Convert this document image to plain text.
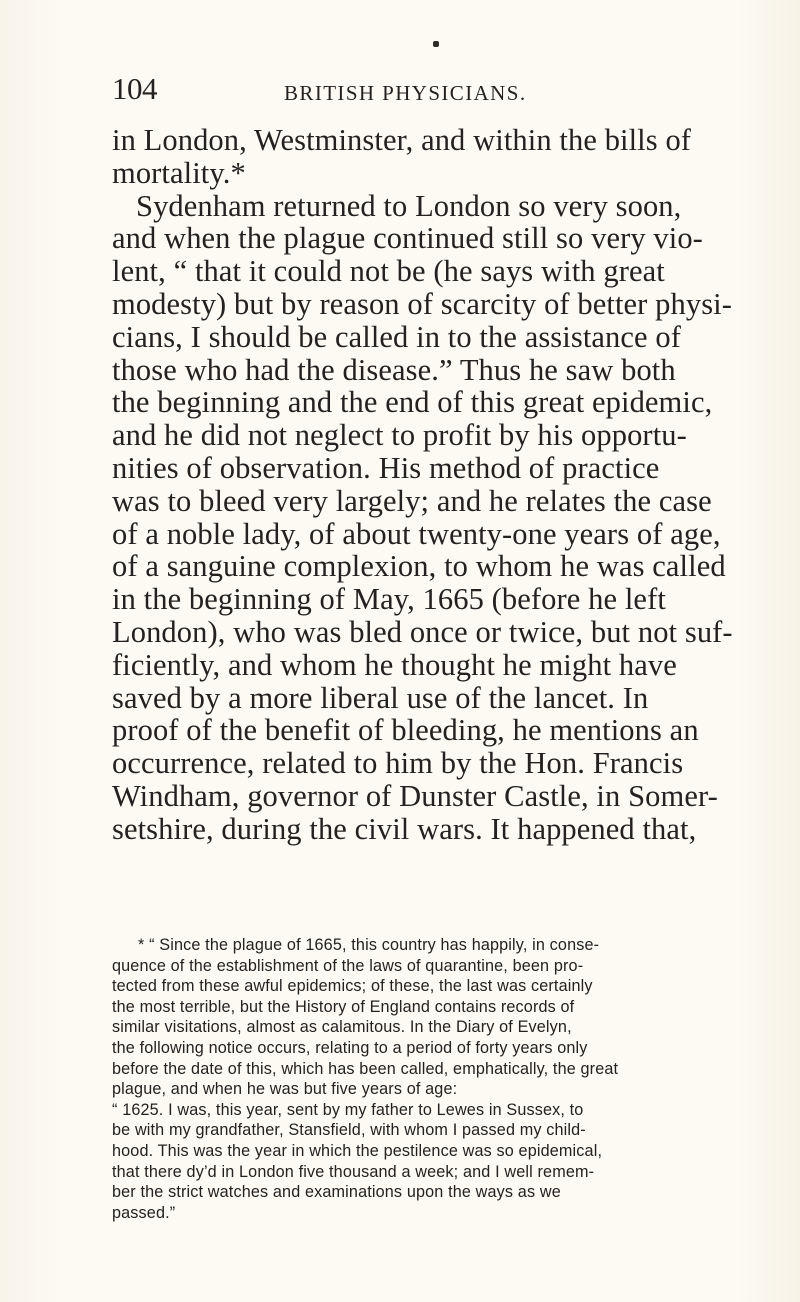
104	BRITISH PHYSICIANS.
in London, Westminster, and within the bills of
mortality.*
Sydenham returned to London so very soon,
and when the plague continued still so very vio-
lent, “ that it could not be (he says with great
modesty) but by reason of scarcity of better physi-
cians, I should be called in to the assistance of
those who had the disease.” Thus he saw both
the beginning and the end of this great epidemic,
and he did not neglect to profit by his opportu-
nities of observation. His method of practice
was to bleed very largely; and he relates the case
of a noble lady, of about twenty-one years of age,
of a sanguine complexion, to whom he was called
in the beginning of May, 1665 (before he left
London), who was bled once or twice, but not suf-
ficiently, and whom he thought he might have
saved by a more liberal use of the lancet. In
proof of the benefit of bleeding, he mentions an
occurrence, related to him by the Hon. Francis
Windham, governor of Dunster Castle, in Somer-
setshire, during the civil wars. It happened that,
* “ Since the plague of 1665, this country has happily, in conse-
quence of the establishment of the laws of quarantine, been pro-
tected from these awful epidemics; of these, the last was certainly
the most terrible, but the History of England contains records of
similar visitations, almost as calamitous. In the Diary of Evelyn,
the following notice occurs, relating to a period of forty years only
before the date of this, which has been called, emphatically, the great
plague, and when he was but five years of age:
“ 1625. I was, this year, sent by my father to Lewes in Sussex, to
be with my grandfather, Stansfield, with whom I passed my child-
hood. This was the year in which the pestilence was so epidemical,
that there dy’d in London five thousand a week; and I well remem-
ber the strict watches and examinations upon the ways as we
passed.”
